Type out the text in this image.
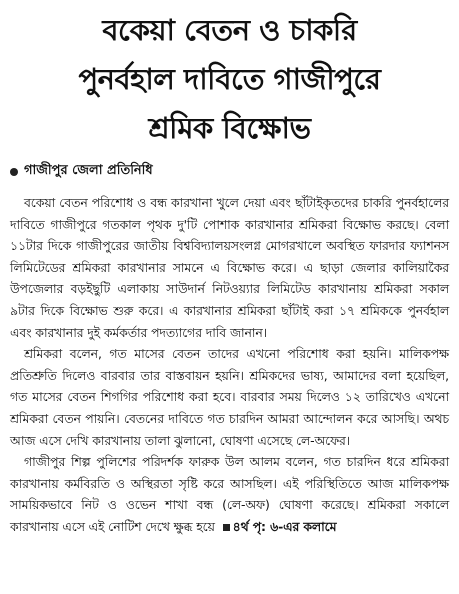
বকেয়া বেতন ও চাকরি
পুনর্বহাল দাবিতে গাজীপুরে
শ্রমিক বিক্ষোভ
গাজীপুর জেলা প্রতিনিধি

বকেয়া বেতন পরিশোধ ও বন্ধ কারখানা খুলে দেয়া এবং ছাঁটাইকৃতদের চাকরি পুনর্বহালের দাবিতে গাজীপুরে গতকাল পৃথক দু'টি পোশাক কারখানার শ্রমিকরা বিক্ষোভ করছে। বেলা ১১টার দিকে গাজীপুরের জাতীয় বিশ্ববিদ্যালয়সংলগ্ন মোগরখালে অবস্থিত ফারদার ফ্যাশনস লিমিটেডের শ্রমিকরা কারখানার সামনে এ বিক্ষোভ করে। এ ছাড়া জেলার কালিয়াকৈর উপজেলার বড়ইছুটি এলাকায় সাউদার্ন নিটওয়্যার লিমিটেড কারখানায় শ্রমিকরা সকাল ৯টার দিকে বিক্ষোভ শুরু করে। এ কারখানার শ্রমিকরা ছাঁটাই করা ১৭ শ্রমিককে পুনর্বহাল এবং কারখানার দুই কর্মকর্তার পদত্যাগের দাবি জানান।

শ্রমিকরা বলেন, গত মাসের বেতন তাদের এখনো পরিশোধ করা হয়নি। মালিকপক্ষ প্রতিশ্রুতি দিলেও বারবার তার বাস্তবায়ন হয়নি। শ্রমিকদের ভাষ্য, আমাদের বলা হয়েছিল, গত মাসের বেতন শিগগির পরিশোধ করা হবে। বারবার সময় দিলেও ১২ তারিখেও এখনো শ্রমিকরা বেতন পায়নি। বেতনের দাবিতে গত চারদিন আমরা আন্দোলন করে আসছি। অথচ আজ এসে দেখি কারখানায় তালা ঝুলানো, ঘোষণা এসেছে লে-অফের।

গাজীপুর শিল্প পুলিশের পরিদর্শক ফারুক উল আলম বলেন, গত চারদিন ধরে শ্রমিকরা কারখানায় কর্মবিরতি ও অস্থিরতা সৃষ্টি করে আসছিল। এই পরিস্থিতিতে আজ মালিকপক্ষ সাময়িকভাবে নিট ও ওভেন শাখা বন্ধ (লে-অফ) ঘোষণা করেছে। শ্রমিকরা সকালে কারখানায় এসে এই নোটিশ দেখে ক্ষুব্ধ হয়ে ৪র্থ পৃ: ৬-এর কলামে
